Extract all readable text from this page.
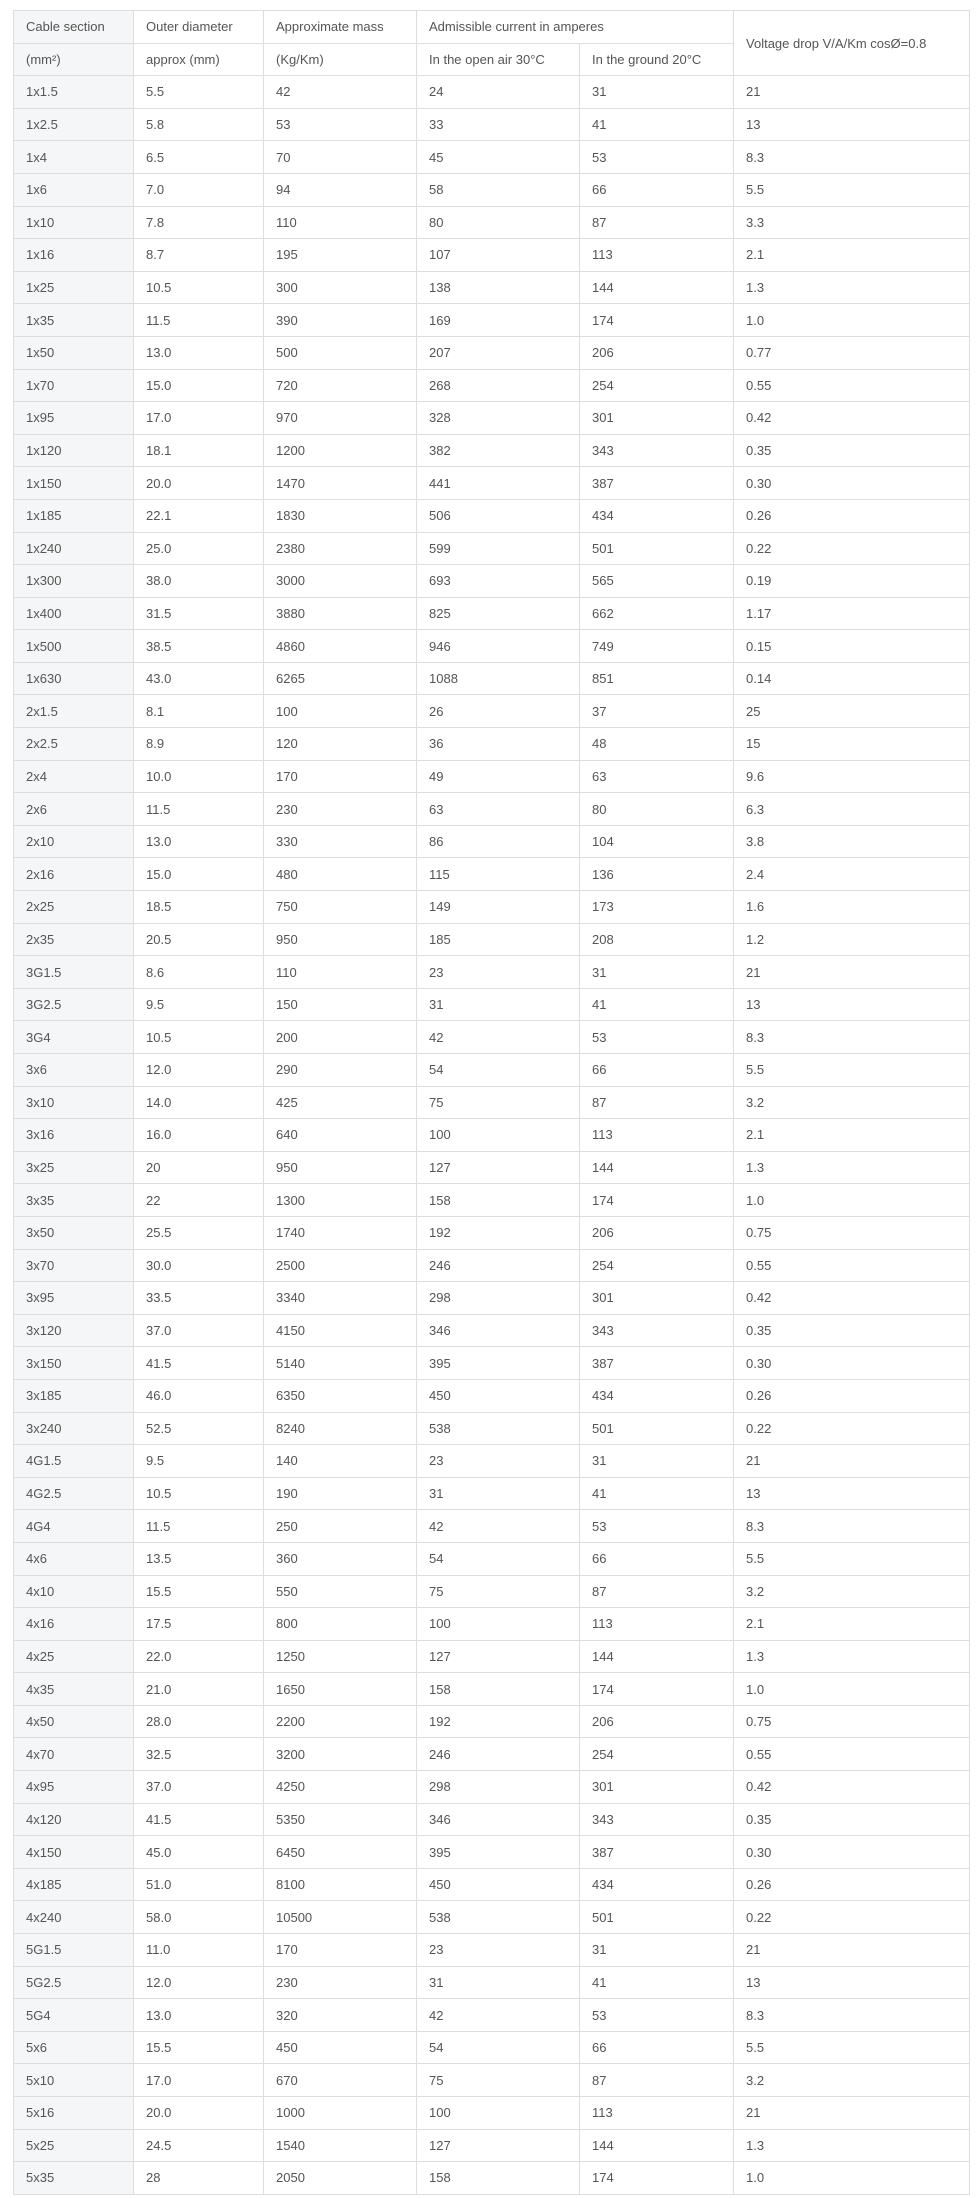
Cable section	Outer diameter	Approximate mass	Admissible current in amperes		Voltage drop V/A/Km cosØ=0.8
(mm²)	approx (mm)	(Kg/Km)	In the open air 30°C	In the ground 20°C	
1x1.5	5.5	42	24	31	21
1x2.5	5.8	53	33	41	13
1x4	6.5	70	45	53	8.3
1x6	7.0	94	58	66	5.5
1x10	7.8	110	80	87	3.3
1x16	8.7	195	107	113	2.1
1x25	10.5	300	138	144	1.3
1x35	11.5	390	169	174	1.0
1x50	13.0	500	207	206	0.77
1x70	15.0	720	268	254	0.55
1x95	17.0	970	328	301	0.42
1x120	18.1	1200	382	343	0.35
1x150	20.0	1470	441	387	0.30
1x185	22.1	1830	506	434	0.26
1x240	25.0	2380	599	501	0.22
1x300	38.0	3000	693	565	0.19
1x400	31.5	3880	825	662	1.17
1x500	38.5	4860	946	749	0.15
1x630	43.0	6265	1088	851	0.14
2x1.5	8.1	100	26	37	25
2x2.5	8.9	120	36	48	15
2x4	10.0	170	49	63	9.6
2x6	11.5	230	63	80	6.3
2x10	13.0	330	86	104	3.8
2x16	15.0	480	115	136	2.4
2x25	18.5	750	149	173	1.6
2x35	20.5	950	185	208	1.2
3G1.5	8.6	110	23	31	21
3G2.5	9.5	150	31	41	13
3G4	10.5	200	42	53	8.3
3x6	12.0	290	54	66	5.5
3x10	14.0	425	75	87	3.2
3x16	16.0	640	100	113	2.1
3x25	20	950	127	144	1.3
3x35	22	1300	158	174	1.0
3x50	25.5	1740	192	206	0.75
3x70	30.0	2500	246	254	0.55
3x95	33.5	3340	298	301	0.42
3x120	37.0	4150	346	343	0.35
3x150	41.5	5140	395	387	0.30
3x185	46.0	6350	450	434	0.26
3x240	52.5	8240	538	501	0.22
4G1.5	9.5	140	23	31	21
4G2.5	10.5	190	31	41	13
4G4	11.5	250	42	53	8.3
4x6	13.5	360	54	66	5.5
4x10	15.5	550	75	87	3.2
4x16	17.5	800	100	113	2.1
4x25	22.0	1250	127	144	1.3
4x35	21.0	1650	158	174	1.0
4x50	28.0	2200	192	206	0.75
4x70	32.5	3200	246	254	0.55
4x95	37.0	4250	298	301	0.42
4x120	41.5	5350	346	343	0.35
4x150	45.0	6450	395	387	0.30
4x185	51.0	8100	450	434	0.26
4x240	58.0	10500	538	501	0.22
5G1.5	11.0	170	23	31	21
5G2.5	12.0	230	31	41	13
5G4	13.0	320	42	53	8.3
5x6	15.5	450	54	66	5.5
5x10	17.0	670	75	87	3.2
5x16	20.0	1000	100	113	21
5x25	24.5	1540	127	144	1.3
5x35	28	2050	158	174	1.0
